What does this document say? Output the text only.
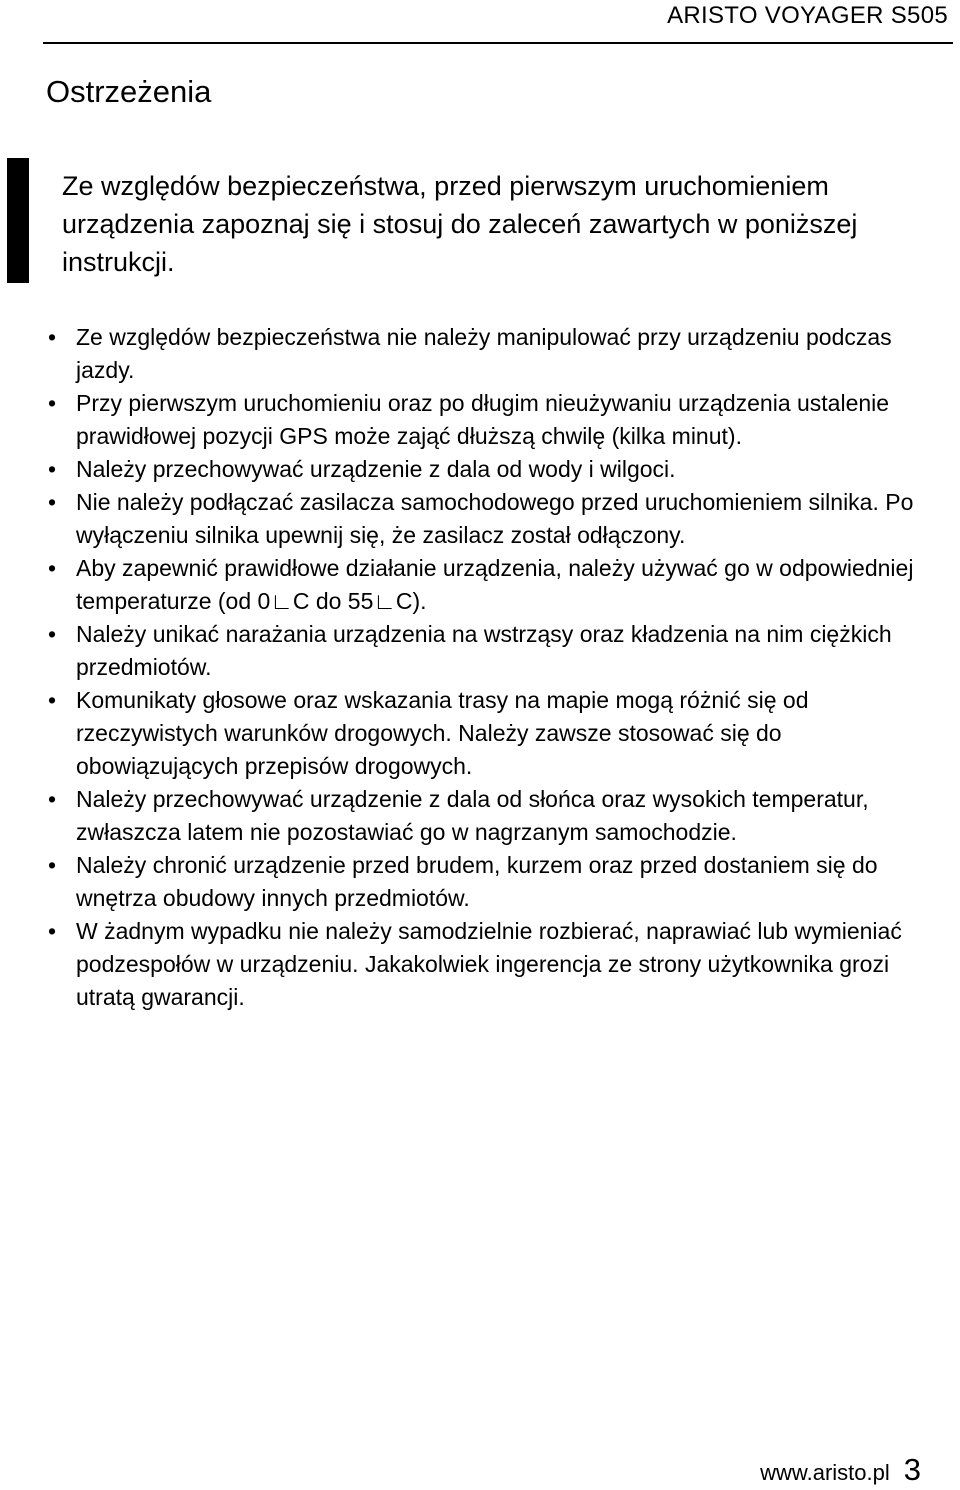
ARISTO VOYAGER S505
Ostrzeżenia

Ze względów bezpieczeństwa, przed pierwszym uruchomieniem urządzenia zapoznaj się i stosuj do zaleceń zawartych w poniższej instrukcji.

• Ze względów bezpieczeństwa nie należy manipulować przy urządzeniu podczas jazdy.
• Przy pierwszym uruchomieniu oraz po długim nieużywaniu urządzenia ustalenie prawidłowej pozycji GPS może zająć dłuższą chwilę (kilka minut).
• Należy przechowywać urządzenie z dala od wody i wilgoci.
• Nie należy podłączać zasilacza samochodowego przed uruchomieniem silnika. Po wyłączeniu silnika upewnij się, że zasilacz został odłączony.
• Aby zapewnić prawidłowe działanie urządzenia, należy używać go w odpowiedniej temperaturze (od 0∟C do 55∟C).
• Należy unikać narażania urządzenia na wstrząsy oraz kładzenia na nim ciężkich przedmiotów.
• Komunikaty głosowe oraz wskazania trasy na mapie mogą różnić się od rzeczywistych warunków drogowych. Należy zawsze stosować się do obowiązujących przepisów drogowych.
• Należy przechowywać urządzenie z dala od słońca oraz wysokich temperatur, zwłaszcza latem nie pozostawiać go w nagrzanym samochodzie.
• Należy chronić urządzenie przed brudem, kurzem oraz przed dostaniem się do wnętrza obudowy innych przedmiotów.
• W żadnym wypadku nie należy samodzielnie rozbierać, naprawiać lub wymieniać podzespołów w urządzeniu. Jakakolwiek ingerencja ze strony użytkownika grozi utratą gwarancji.
www.aristo.pl 3
